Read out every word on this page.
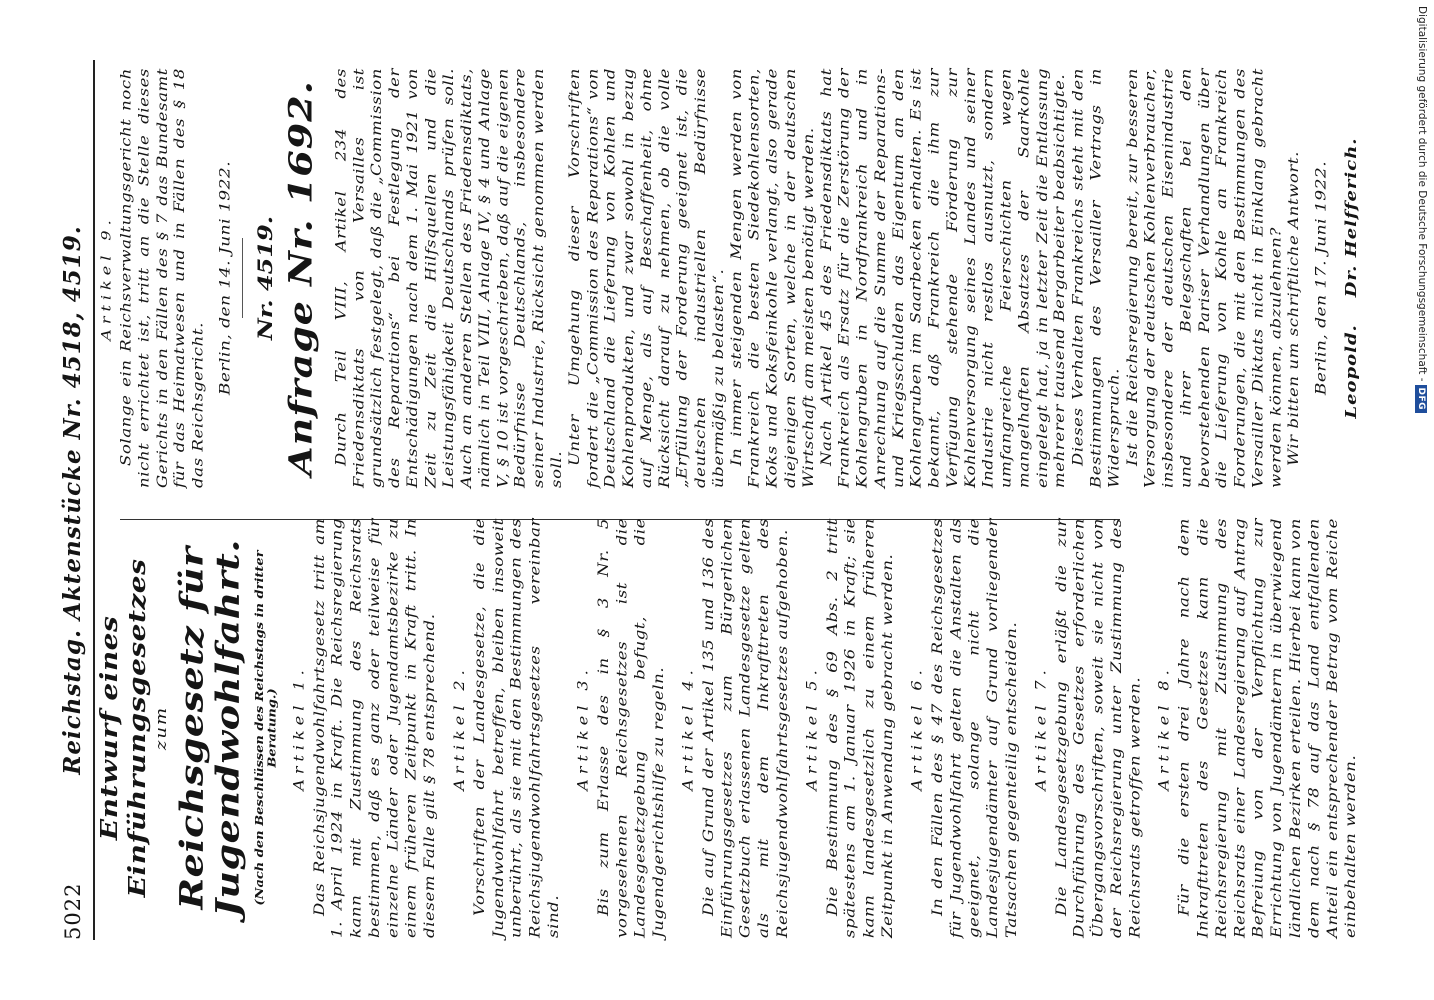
5022
Reichstag. Aktenstücke Nr. 4518, 4519. Entwurf eines Einführungsgesetzes zum Reichsgesetz für Jugendwohlfahrt. (Nach den Beschlüssen des Reichstags in dritter Beratung.) Artikel 1. Das Reichsjugendwohlfahrtsgesetz tritt am 1. April 1924 in Kraft. Die Reichsregierung kann mit Zustimmung des Reichsrats bestimmen, daß es ganz oder teilweise für einzelne Länder oder Jugendamtsbezirke zu einem früheren Zeitpunkt in Kraft tritt. In diesem Falle gilt § 78 entsprechend. Artikel 2. Vorschriften der Landesgesetze, die die Jugendwohlfahrt betreffen, bleiben insoweit unberührt, als sie mit den Bestimmungen des Reichsjugendwohlfahrtsgesetzes vereinbar sind.

Artikel 3. Bis zum Erlasse des in § 3 Nr. 5 vorgesehenen Reichsgesetzes ist die Landesgesetzgebung befugt, die Jugendgerichtshilfe zu regeln. Artikel 4. Die auf Grund der Artikel 135 und 136 des Einführungsgesetzes zum Bürgerlichen Gesetzbuch erlassenen Landesgesetze gelten als mit dem Inkrafttreten des Reichsjugendwohlfahrtsgesetzes aufgehoben. Artikel 5. Die Bestimmung des § 69 Abs. 2 tritt spätestens am 1. Januar 1926 in Kraft; sie kann landesgesetzlich zu einem früheren Zeitpunkt in Anwendung gebracht werden. Artikel 6. In den Fällen des § 47 des Reichsgesetzes für Jugendwohlfahrt gelten die Anstalten als geeignet, solange nicht die Landesjugendämter auf Grund vorliegender Tatsachen gegenteilig entscheiden. Artikel 7. Die Landesgesetzgebung erläßt die zur Durchführung des Gesetzes erforderlichen Übergangsvorschriften, soweit sie nicht von der Reichsregierung unter Zustimmung des Reichsrats getroffen werden. Artikel 8. Für die ersten drei Jahre nach dem Inkrafttreten des Gesetzes kann die Reichsregierung mit Zustimmung des Reichsrats einer Landesregierung auf Antrag Befreiung von der Verpflichtung zur Errichtung von Jugendämtern in überwiegend ländlichen Bezirken erteilen. Hierbei kann von dem nach § 78 auf das Land entfallenden Anteil ein entsprechender Betrag vom Reiche einbehalten werden.

Artikel 9. Solange ein Reichsverwaltungsgericht noch nicht errichtet ist, tritt an die Stelle dieses Gerichts in den Fällen des § 7 das Bundesamt für das Heimatwesen und in Fällen des § 18 das Reichsgericht.

Berlin, den 14. Juni 1922. Nr. 4519. Anfrage Nr. 1692. Durch Teil VIII, Artikel 234 des Friedensdiktats von Versailles ist grundsätzlich festgelegt, daß die „Commission des Reparations“ bei Festlegung der Entschädigungen nach dem 1. Mai 1921 von Zeit zu Zeit die Hilfsquellen und die Leistungsfähigkeit Deutschlands prüfen soll. Auch an anderen Stellen des Friedensdiktats, nämlich in Teil VIII, Anlage IV, § 4 und Anlage V, § 10 ist vorgeschrieben, daß auf die eigenen Bedürfnisse Deutschlands, insbesondere seiner Industrie, Rücksicht genommen werden soll.

Unter Umgehung dieser Vorschriften fordert die „Commission des Reparations“ von Deutschland die Lieferung von Kohlen und Kohlenprodukten, und zwar sowohl in bezug auf Menge, als auf Beschaffenheit, ohne Rücksicht darauf zu nehmen, ob die volle „Erfüllung der Forderung geeignet ist, die deutschen industriellen Bedürfnisse übermäßig zu belasten“. In immer steigenden Mengen werden von Frankreich die besten Siedekohlensorten, Koks und Koksfeinkohle verlangt, also gerade diejenigen Sorten, welche in der deutschen Wirtschaft am meisten benötigt werden. Nach Artikel 45 des Friedensdiktats hat Frankreich als Ersatz für die Zerstörung der Kohlengruben in Nordfrankreich und in Anrechnung auf die Summe der Reparations- und Kriegsschulden das Eigentum an den Kohlengruben im Saarbecken erhalten. Es ist bekannt, daß Frankreich die ihm zur Verfügung stehende Förderung zur Kohlenversorgung seines Landes und seiner Industrie nicht restlos ausnutzt, sondern umfangreiche Feierschichten wegen mangelhaften Absatzes der Saarkohle eingelegt hat, ja in letzter Zeit die Entlassung mehrerer tausend Bergarbeiter beabsichtigte. Dieses Verhalten Frankreichs steht mit den Bestimmungen des Versailler Vertrags in Widerspruch. Ist die Reichsregierung bereit, zur besseren Versorgung der deutschen Kohlenverbraucher, insbesondere der deutschen Eisenindustrie und ihrer Belegschaften bei den bevorstehenden Pariser Verhandlungen über die Lieferung von Kohle an Frankreich Forderungen, die mit den Bestimmungen des Versailler Diktats nicht in Einklang gebracht werden können, abzulehnen? Wir bitten um schriftliche Antwort. Berlin, den 17. Juni 1922. Leopold.    Dr. Helfferich.	Digitalisierung gefördert durch die Deutsche Forschungsgemeinschaft -DFG
